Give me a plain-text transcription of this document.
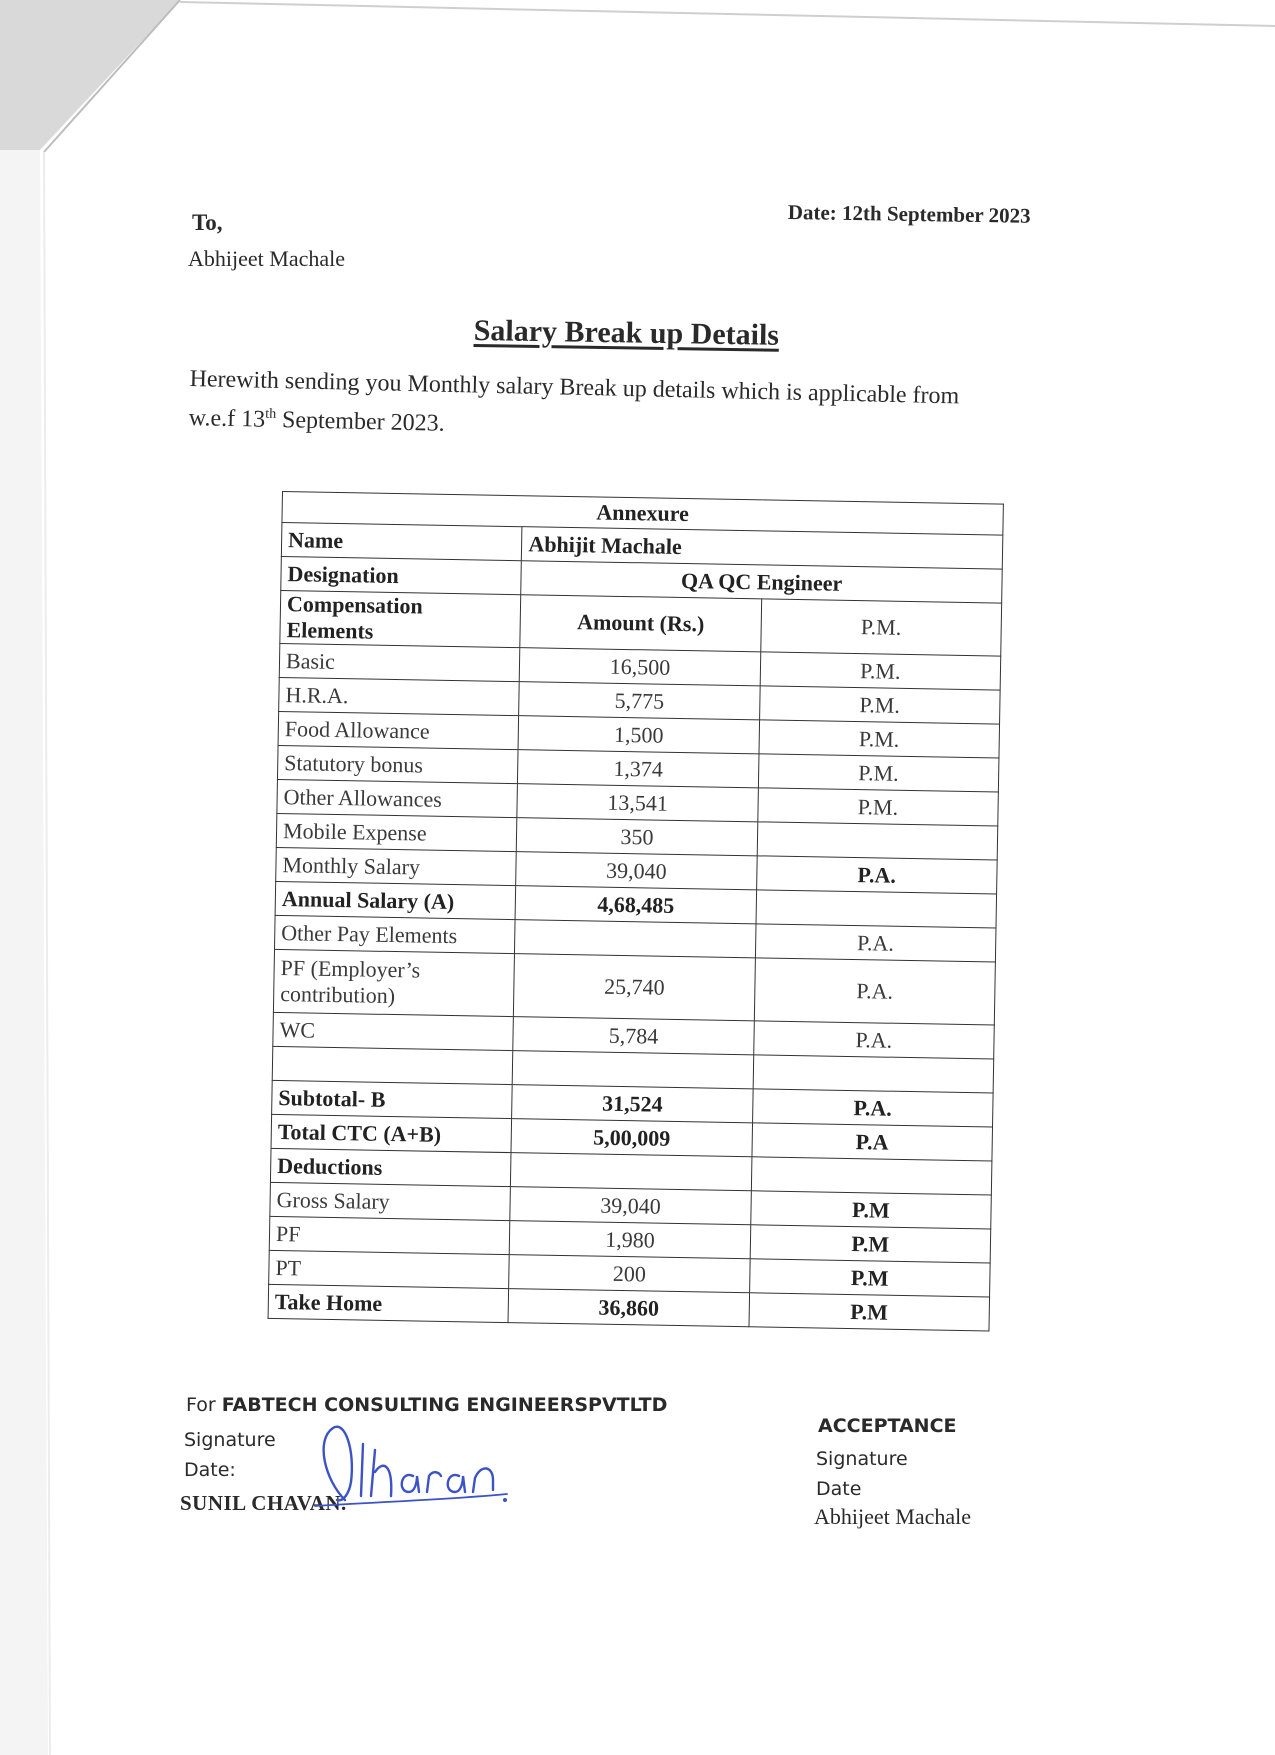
To,
Abhijeet Machale
Date: 12th September 2023
Salary Break up Details
Herewith sending you Monthly salary Break up details which is applicable from
w.e.f 13th September 2023.
Annexure		
Name	Abhijit Machale	
Designation	QA QC Engineer	
Compensation Elements	Amount (Rs.)	P.M.
Basic	16,500	P.M.
H.R.A.	5,775	P.M.
Food Allowance	1,500	P.M.
Statutory bonus	1,374	P.M.
Other Allowances	13,541	P.M.
Mobile Expense	350	
Monthly Salary	39,040	P.A.
Annual Salary (A)	4,68,485	
Other Pay Elements		P.A.
PF (Employer’s contribution)	25,740	P.A.
WC	5,784	P.A.

Subtotal- B	31,524	P.A.
Total CTC (A+B)	5,00,009	P.A
Deductions		
Gross Salary	39,040	P.M
PF	1,980	P.M
PT	200	P.M
Take Home	36,860	P.M
For FABTECH CONSULTING ENGINEERSPVTLTD
Signature
Date:
SUNIL CHAVAN.
ACCEPTANCE
Signature
Date
Abhijeet Machale
